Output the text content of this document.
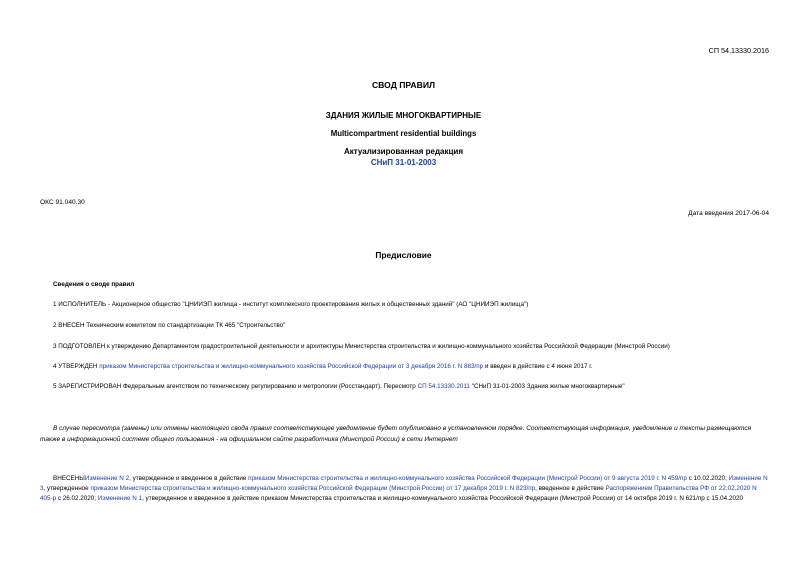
СП 54.13330.2016
СВОД ПРАВИЛ
ЗДАНИЯ ЖИЛЫЕ МНОГОКВАРТИРНЫЕ
Multicompartment residential buildings
Актуализированная редакция
СНиП 31-01-2003
ОКС 91.040.30
Дата введения 2017-06-04
Предисловие
Сведения о своде правил
1 ИСПОЛНИТЕЛЬ - Акционерное общество "ЦНИИЭП жилища - институт комплексного проектирования жилых и общественных зданий" (АО "ЦНИИЭП жилища")
2 ВНЕСЕН Техническим комитетом по стандартизации ТК 465 "Строительство"
3 ПОДГОТОВЛЕН к утверждению Департаментом градостроительной деятельности и архитектуры Министерства строительства и жилищно-коммунального хозяйства Российской Федерации (Минстрой России)
4 УТВЕРЖДЕН приказом Министерства строительства и жилищно-коммунального хозяйства Российской Федерации от 3 декабря 2016 г. N 883/пр и введен в действие с 4 июня 2017 г.
5 ЗАРЕГИСТРИРОВАН Федеральным агентством по техническому регулированию и метрологии (Росстандарт). Пересмотр СП 54.13330.2011 "СНиП 31-01-2003 Здания жилые многоквартирные"
В случае пересмотра (замены) или отмены настоящего свода правил соответствующее уведомление будет опубликовано в установленном порядке. Соответствующая информация, уведомление и тексты размещаются также в информационной системе общего пользования - на официальном сайте разработчика (Минстрой России) в сети Интернет
ВНЕСЕНЫИзменение N 2, утвержденное и введенное в действие приказом Министерства строительства и жилищно-коммунального хозяйства Российской Федерации (Минстрой России) от 9 августа 2019 г. N 459/пр с 10.02.2020; Изменение N 3, утвержденное приказом Министерства строительства и жилищно-коммунального хозяйства Российской Федерации (Минстрой России) от 17 декабря 2019 г. N 823/пр, введенное в действие Распоряжением Правительства РФ от 22.02.2020 N 405-р с 26.02.2020; Изменение N 1, утвержденное и введенное в действие приказом Министерства строительства и жилищно-коммунального хозяйства Российской Федерации (Минстрой России) от 14 октября 2019 г. N 621/пр с 15.04.2020
